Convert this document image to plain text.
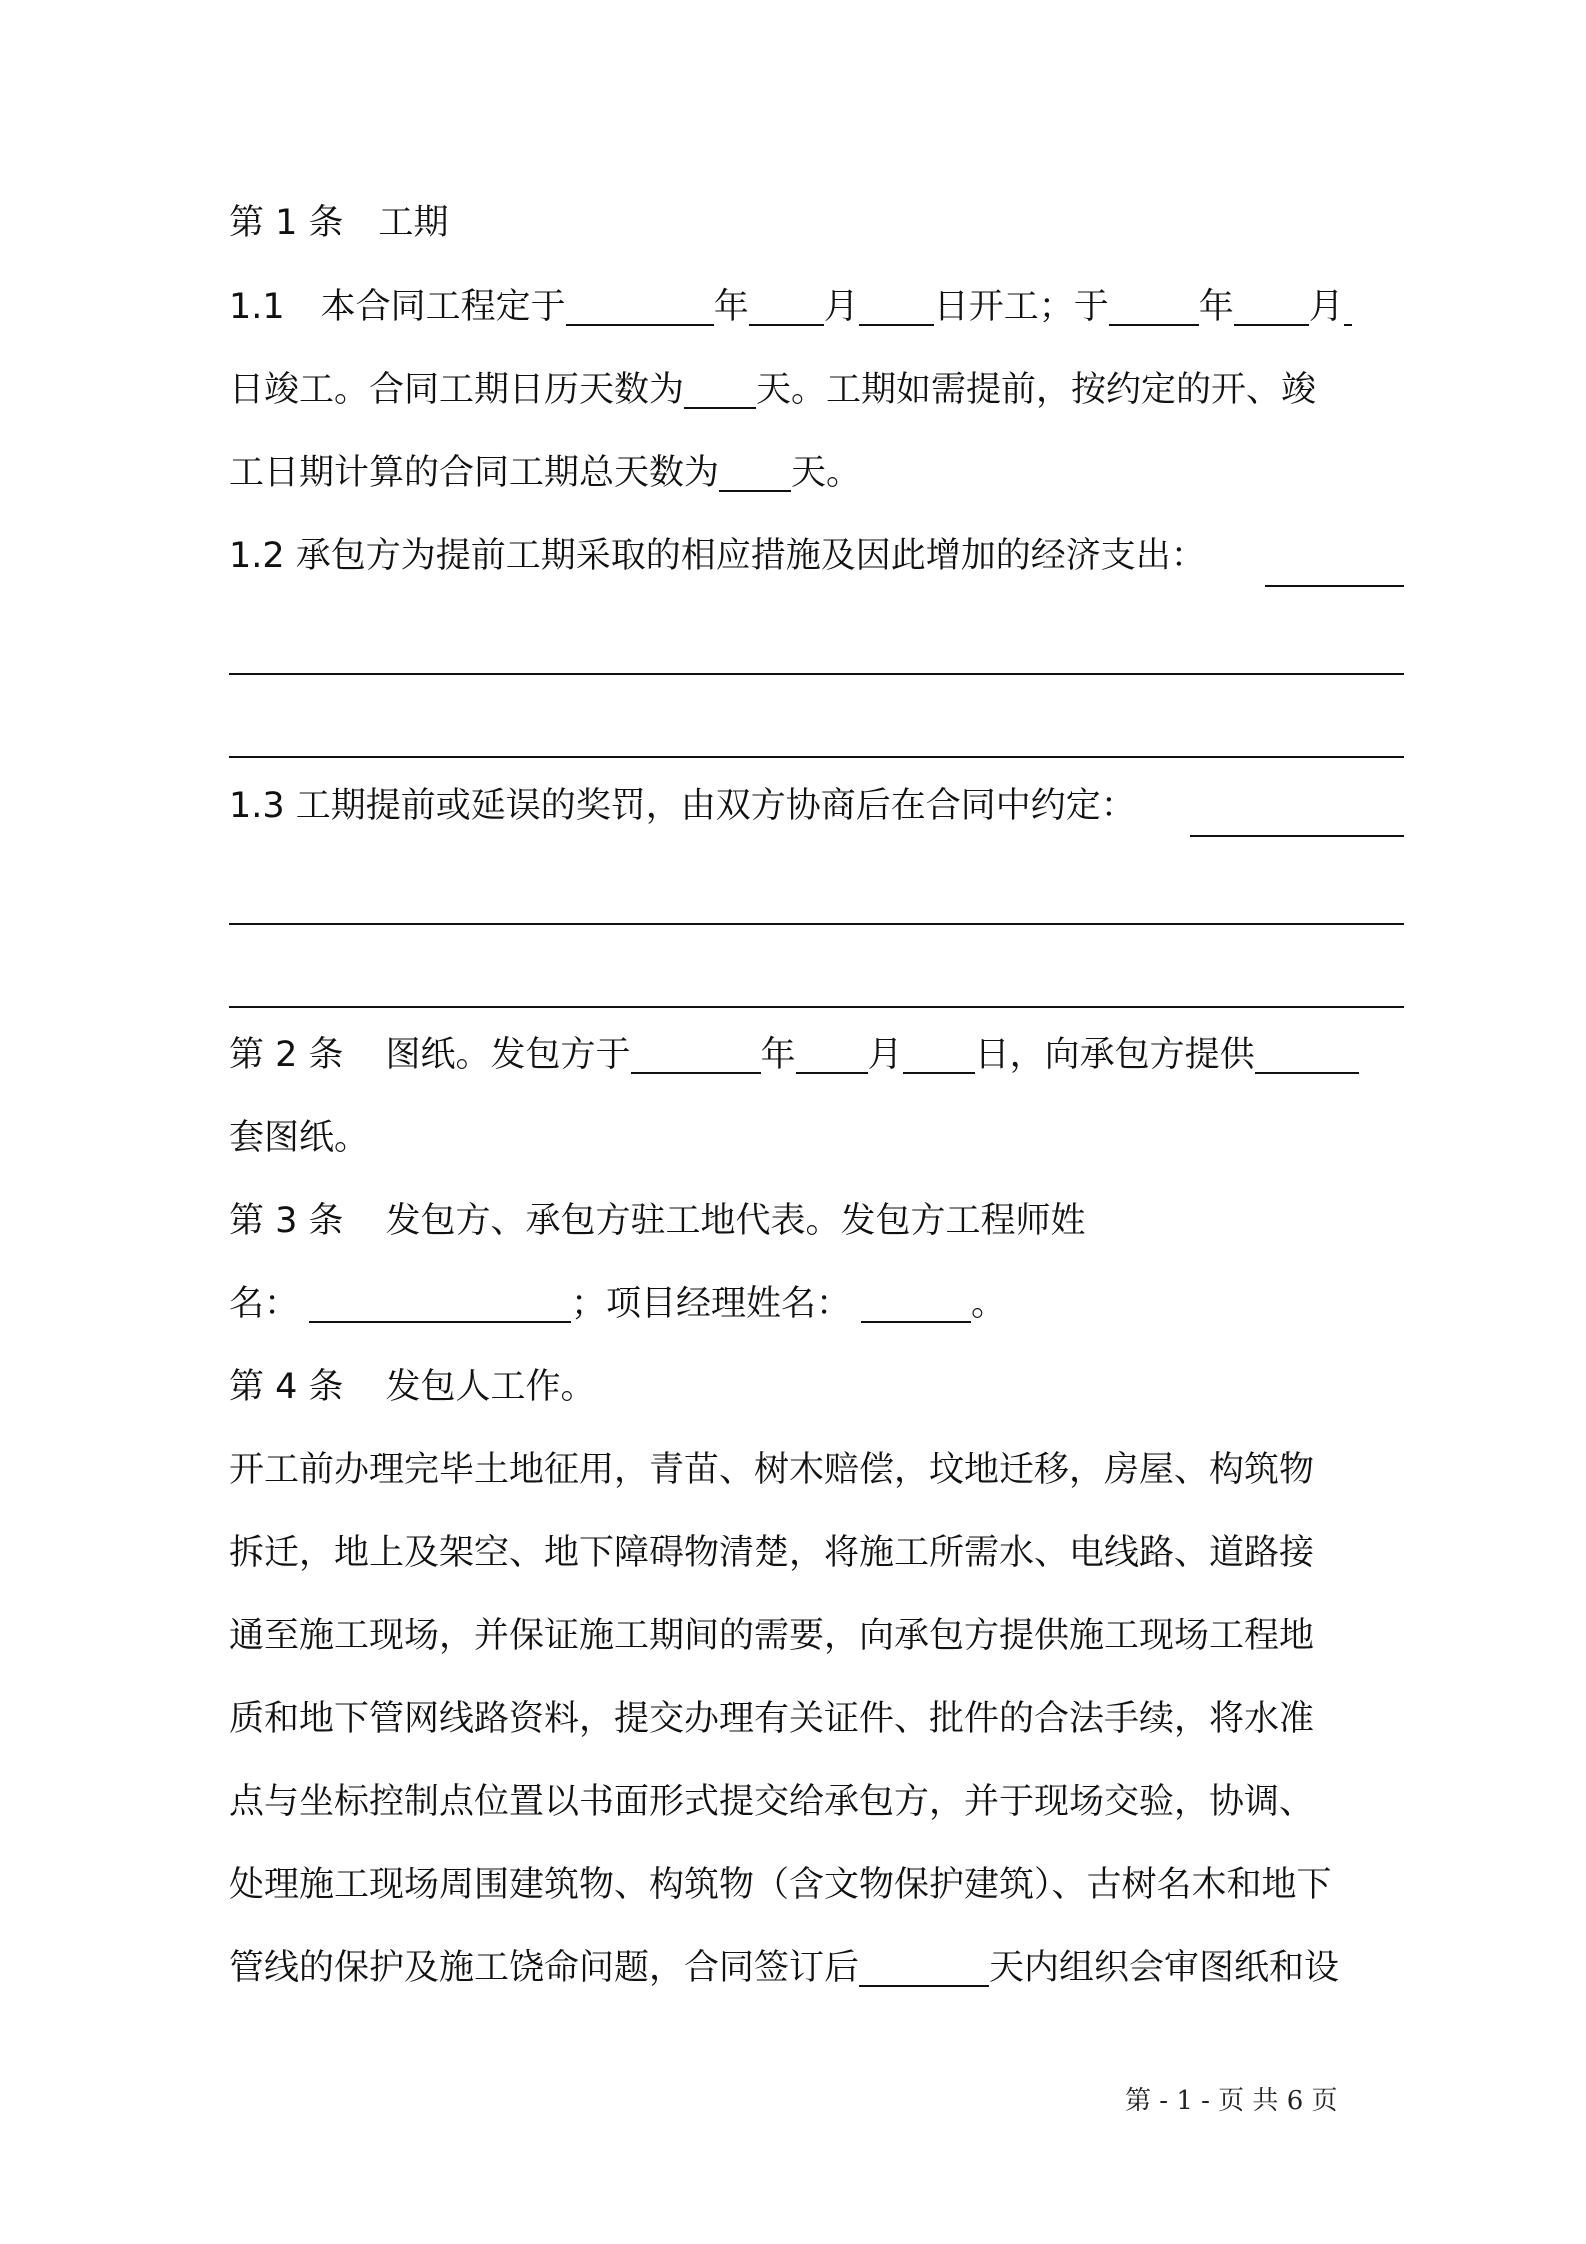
第 1 条　工期
1.1 本合同工程定于	年 月 日开工；于	年 月
日竣工。合同工期日历天数为 天。工期如需提前，按约定的开、竣
工日期计算的合同工期总天数为 天。
1.2 承包方为提前工期采取的相应措施及因此增加的经济支出：
1.3 工期提前或延误的奖罚，由双方协商后在合同中约定：
第 2 条 图纸。发包方于	年 月 日，向承包方提供
套图纸。
第 3 条 发包方、承包方驻工地代表。发包方工程师姓
名：	；项目经理姓名：	。
第 4 条 发包人工作。
开工前办理完毕土地征用，青苗、树木赔偿，坟地迁移，房屋、构筑物
拆迁，地上及架空、地下障碍物清楚，将施工所需水、电线路、道路接
通至施工现场，并保证施工期间的需要，向承包方提供施工现场工程地
质和地下管网线路资料，提交办理有关证件、批件的合法手续，将水准
点与坐标控制点位置以书面形式提交给承包方，并于现场交验，协调、
处理施工现场周围建筑物、构筑物（含文物保护建筑）、古树名木和地下
管线的保护及施工饶命问题，合同签订后	天内组织会审图纸和设
第 - 1 - 页 共 6 页
